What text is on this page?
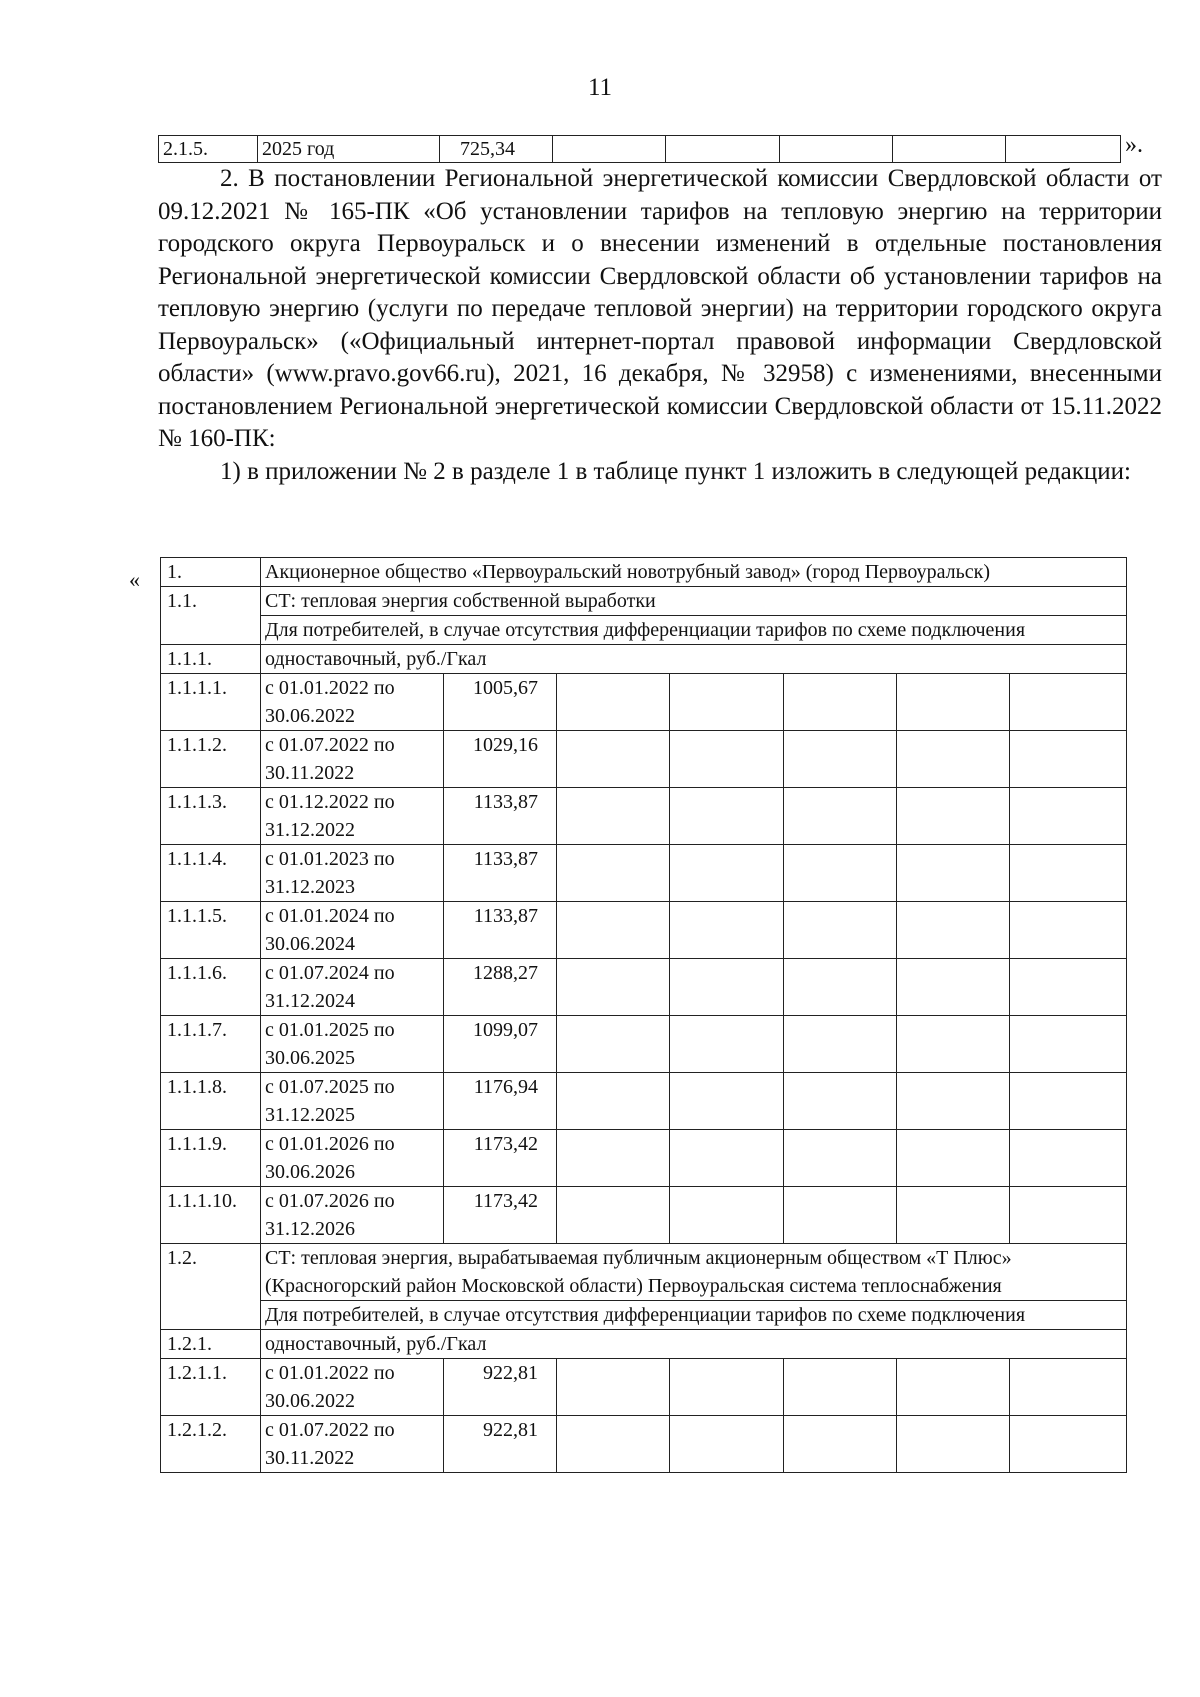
11
2.1.5.	2025 год	725,34						».

2. В постановлении Региональной энергетической комиссии Свердловской области от 09.12.2021 № 165-ПК «Об установлении тарифов на тепловую энергию на территории городского округа Первоуральск и о внесении изменений в отдельные постановления Региональной энергетической комиссии Свердловской области об установлении тарифов на тепловую энергию (услуги по передаче тепловой энергии) на территории городского округа Первоуральск» («Официальный интернет-портал правовой информации Свердловской области» (www.pravo.gov66.ru), 2021, 16 декабря, № 32958) с изменениями, внесенными постановлением Региональной энергетической комиссии Свердловской области от 15.11.2022 № 160-ПК:

1) в приложении № 2 в разделе 1 в таблице пункт 1 изложить в следующей редакции:

« 1.	Акционерное общество «Первоуральский новотрубный завод» (город Первоуральск)						
1.1.	СТ: тепловая энергия собственной выработки						
	Для потребителей, в случае отсутствия дифференциации тарифов по схеме подключения						
1.1.1.	одноставочный, руб./Гкал						
1.1.1.1.	с 01.01.2022 по 30.06.2022	1005,67					
1.1.1.2.	с 01.07.2022 по 30.11.2022	1029,16					
1.1.1.3.	с 01.12.2022 по 31.12.2022	1133,87					
1.1.1.4.	с 01.01.2023 по 31.12.2023	1133,87					
1.1.1.5.	с 01.01.2024 по 30.06.2024	1133,87					
1.1.1.6.	с 01.07.2024 по 31.12.2024	1288,27					
1.1.1.7.	с 01.01.2025 по 30.06.2025	1099,07					
1.1.1.8.	с 01.07.2025 по 31.12.2025	1176,94					
1.1.1.9.	с 01.01.2026 по 30.06.2026	1173,42					
1.1.1.10.	с 01.07.2026 по 31.12.2026	1173,42					
1.2.	СТ: тепловая энергия, вырабатываемая публичным акционерным обществом «Т Плюс» (Красногорский район Московской области) Первоуральская система теплоснабжения						
	Для потребителей, в случае отсутствия дифференциации тарифов по схеме подключения						
1.2.1.	одноставочный, руб./Гкал						
1.2.1.1.	с 01.01.2022 по 30.06.2022	922,81					
1.2.1.2.	с 01.07.2022 по 30.11.2022	922,81					
